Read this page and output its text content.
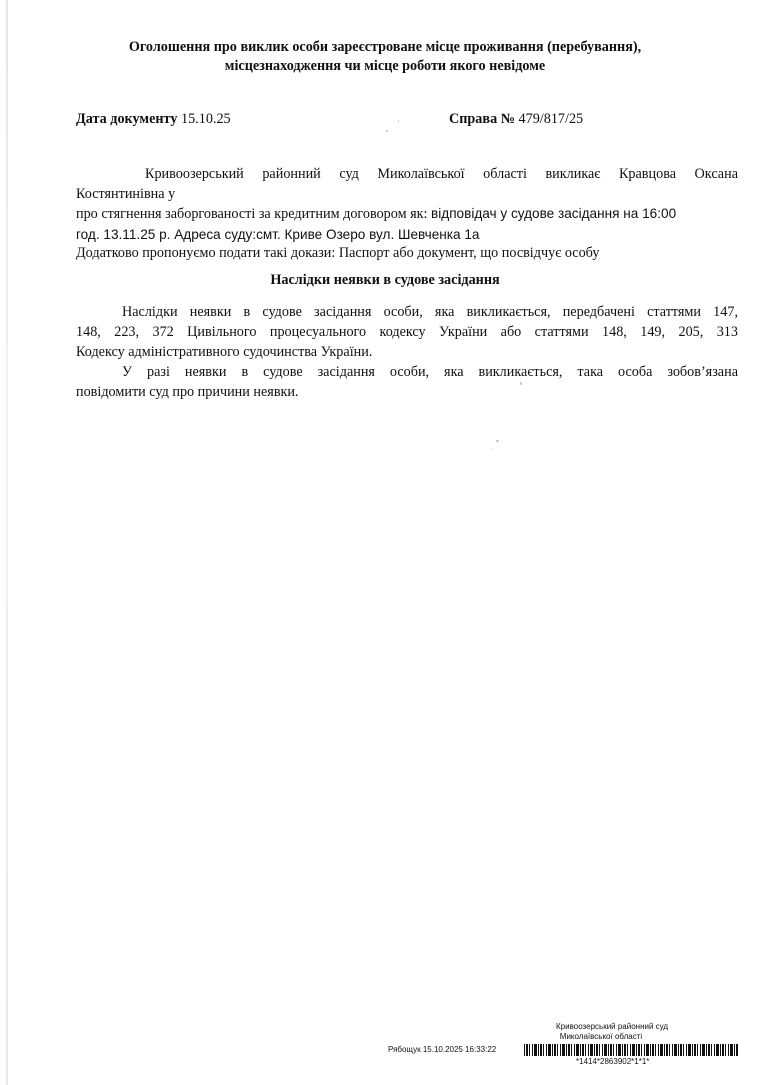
Оголошення про виклик особи зареєстроване місце проживання (перебування),
місцезнаходження чи місце роботи якого невідоме
Дата документу 15.10.25	Справа № 479/817/25
Кривоозерський районний суд Миколаївської області викликає Кравцова Оксана
Костянтинівна у
про стягнення заборгованості за кредитним договором як: відповідач у судове засідання на 16:00
год. 13.11.25 р. Адреса суду:смт. Криве Озеро вул. Шевченка 1а
Додатково пропонуємо подати такі докази: Паспорт або документ, що посвідчує особу
Наслідки неявки в судове засідання
Наслідки неявки в судове засідання особи, яка викликається, передбачені статтями 147,
148, 223, 372 Цивільного процесуального кодексу України або статтями 148, 149, 205, 313
Кодексу адміністративного судочинства України.
У разі неявки в судове засідання особи, яка викликається, така особа зобов’язана
повідомити суд про причини неявки.
Кривоозерський районний суд
Миколаївської області
Рябощук 15.10.2025 16:33:22
*1414*2863902*1*1*
